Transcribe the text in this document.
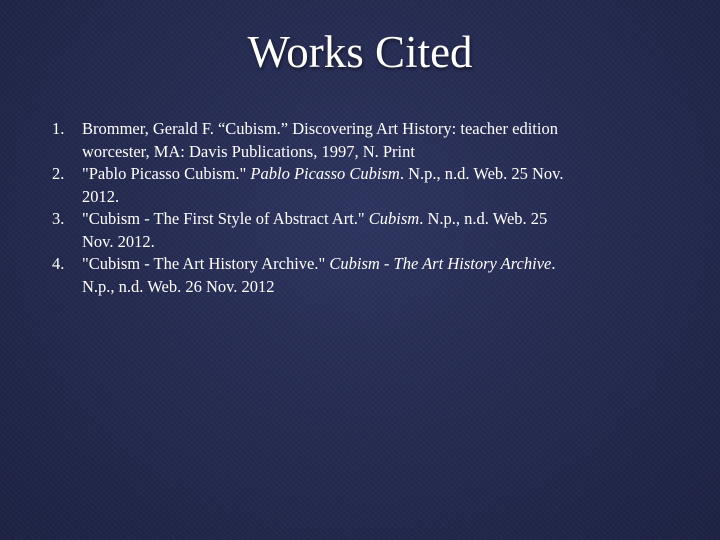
Works Cited
1. Brommer, Gerald F. “Cubism.” Discovering Art History: teacher edition worcester, MA: Davis Publications, 1997, N. Print
2. "Pablo Picasso Cubism." Pablo Picasso Cubism. N.p., n.d. Web. 25 Nov. 2012.
3. "Cubism - The First Style of Abstract Art." Cubism. N.p., n.d. Web. 25 Nov. 2012.
4. "Cubism - The Art History Archive." Cubism - The Art History Archive. N.p., n.d. Web. 26 Nov. 2012
